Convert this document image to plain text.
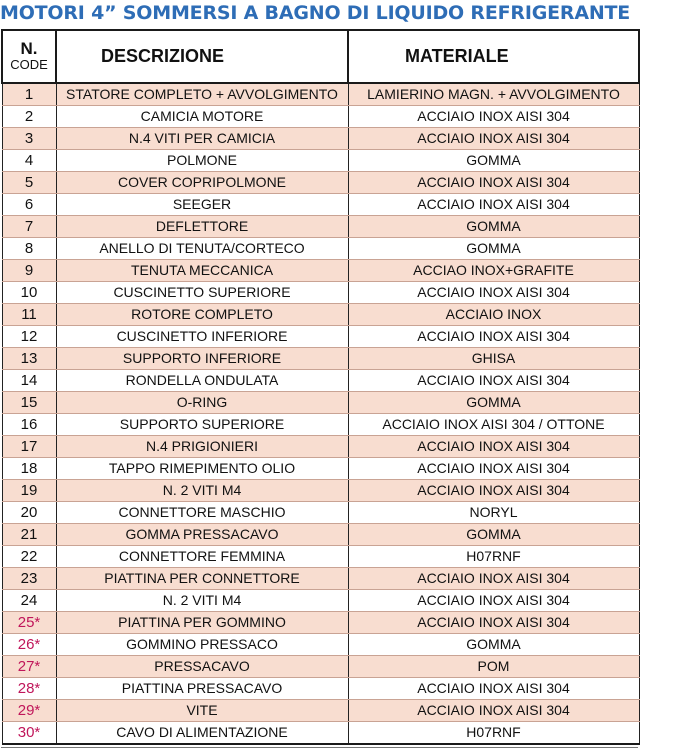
MOTORI 4” SOMMERSI A BAGNO DI LIQUIDO REFRIGERANTE
N.
CODE	DESCRIZIONE	MATERIALE
1	STATORE COMPLETO + AVVOLGIMENTO	LAMIERINO MAGN. + AVVOLGIMENTO
2	CAMICIA MOTORE	ACCIAIO INOX AISI 304
3	N.4 VITI PER CAMICIA	ACCIAIO INOX AISI 304
4	POLMONE	GOMMA
5	COVER COPRIPOLMONE	ACCIAIO INOX AISI 304
6	SEEGER	ACCIAIO INOX AISI 304
7	DEFLETTORE	GOMMA
8	ANELLO DI TENUTA/CORTECO	GOMMA
9	TENUTA MECCANICA	ACCIAO INOX+GRAFITE
10	CUSCINETTO SUPERIORE	ACCIAIO INOX AISI 304
11	ROTORE COMPLETO	ACCIAIO INOX
12	CUSCINETTO INFERIORE	ACCIAIO INOX AISI 304
13	SUPPORTO INFERIORE	GHISA
14	RONDELLA ONDULATA	ACCIAIO INOX AISI 304
15	O-RING	GOMMA
16	SUPPORTO SUPERIORE	ACCIAIO INOX AISI 304 / OTTONE
17	N.4 PRIGIONIERI	ACCIAIO INOX AISI 304
18	TAPPO RIMEPIMENTO OLIO	ACCIAIO INOX AISI 304
19	N. 2 VITI M4	ACCIAIO INOX AISI 304
20	CONNETTORE MASCHIO	NORYL
21	GOMMA PRESSACAVO	GOMMA
22	CONNETTORE FEMMINA	H07RNF
23	PIATTINA PER CONNETTORE	ACCIAIO INOX AISI 304
24	N. 2 VITI M4	ACCIAIO INOX AISI 304
25*	PIATTINA PER GOMMINO	ACCIAIO INOX AISI 304
26*	GOMMINO PRESSACO	GOMMA
27*	PRESSACAVO	POM
28*	PIATTINA PRESSACAVO	ACCIAIO INOX AISI 304
29*	VITE	ACCIAIO INOX AISI 304
30*	CAVO DI ALIMENTAZIONE	H07RNF
